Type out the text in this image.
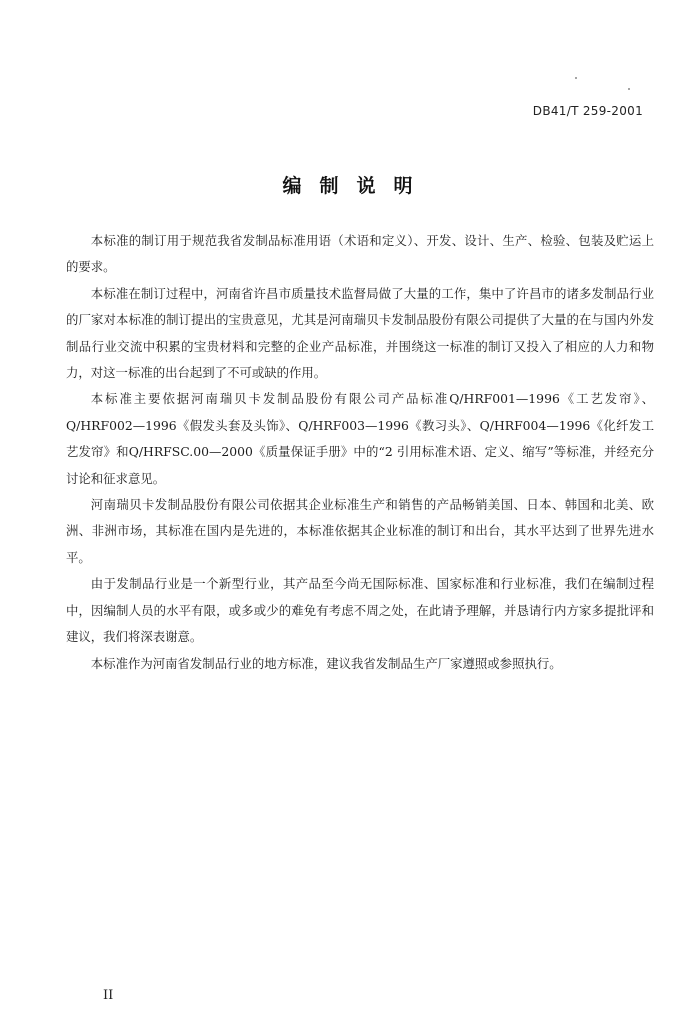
DB41/T 259-2001
编制说明

本标准的制订用于规范我省发制品标准用语（术语和定义）、开发、设计、生产、检验、包装及贮运上的要求。

本标准在制订过程中，河南省许昌市质量技术监督局做了大量的工作，集中了许昌市的诸多发制品行业的厂家对本标准的制订提出的宝贵意见，尤其是河南瑞贝卡发制品股份有限公司提供了大量的在与国内外发制品行业交流中积累的宝贵材料和完整的企业产品标准，并围绕这一标准的制订又投入了相应的人力和物力，对这一标准的出台起到了不可或缺的作用。

本标准主要依据河南瑞贝卡发制品股份有限公司产品标准Q/HRF001—1996《工艺发帘》、Q/HRF002—1996《假发头套及头饰》、Q/HRF003—1996《教习头》、Q/HRF004—1996《化纤发工艺发帘》和Q/HRFSC.00—2000《质量保证手册》中的“2 引用标准术语、定义、缩写”等标准，并经充分讨论和征求意见。

河南瑞贝卡发制品股份有限公司依据其企业标准生产和销售的产品畅销美国、日本、韩国和北美、欧洲、非洲市场，其标准在国内是先进的，本标准依据其企业标准的制订和出台，其水平达到了世界先进水平。

由于发制品行业是一个新型行业，其产品至今尚无国际标准、国家标准和行业标准，我们在编制过程中，因编制人员的水平有限，或多或少的难免有考虑不周之处，在此请予理解，并恳请行内方家多提批评和建议，我们将深表谢意。

本标准作为河南省发制品行业的地方标准，建议我省发制品生产厂家遵照或参照执行。

II
